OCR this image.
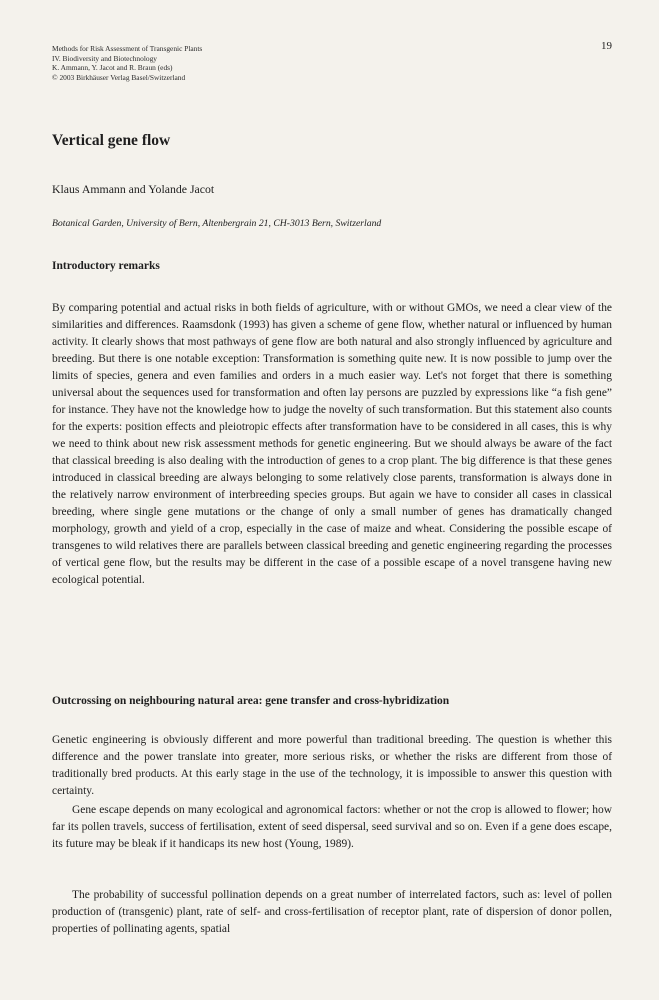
Methods for Risk Assessment of Transgenic Plants
IV. Biodiversity and Biotechnology
K. Ammann, Y. Jacot and R. Braun (eds)
© 2003 Birkhäuser Verlag Basel/Switzerland
19
Vertical gene flow
Klaus Ammann and Yolande Jacot
Botanical Garden, University of Bern, Altenbergrain 21, CH-3013 Bern, Switzerland
Introductory remarks

By comparing potential and actual risks in both fields of agriculture, with or without GMOs, we need a clear view of the similarities and differences. Raamsdonk (1993) has given a scheme of gene flow, whether natural or influenced by human activity. It clearly shows that most pathways of gene flow are both natural and also strongly influenced by agriculture and breeding. But there is one notable exception: Transformation is something quite new. It is now possible to jump over the limits of species, genera and even families and orders in a much easier way. Let's not forget that there is something universal about the sequences used for transformation and often lay persons are puzzled by expressions like “a fish gene” for instance. They have not the knowledge how to judge the novelty of such transformation. But this statement also counts for the experts: position effects and pleiotropic effects after transformation have to be considered in all cases, this is why we need to think about new risk assessment methods for genetic engineering. But we should always be aware of the fact that classical breeding is also dealing with the introduction of genes to a crop plant. The big difference is that these genes introduced in classical breeding are always belonging to some relatively close parents, transformation is always done in the relatively narrow environment of interbreeding species groups. But again we have to consider all cases in classical breeding, where single gene mutations or the change of only a small number of genes has dramatically changed morphology, growth and yield of a crop, especially in the case of maize and wheat. Considering the possible escape of transgenes to wild relatives there are parallels between classical breeding and genetic engineering regarding the processes of vertical gene flow, but the results may be different in the case of a possible escape of a novel transgene having new ecological potential.

Outcrossing on neighbouring natural area: gene transfer and cross-hybridization

Genetic engineering is obviously different and more powerful than traditional breeding. The question is whether this difference and the power translate into greater, more serious risks, or whether the risks are different from those of traditionally bred products. At this early stage in the use of the technology, it is impossible to answer this question with certainty.

Gene escape depends on many ecological and agronomical factors: whether or not the crop is allowed to flower; how far its pollen travels, success of fertilisation, extent of seed dispersal, seed survival and so on. Even if a gene does escape, its future may be bleak if it handicaps its new host (Young, 1989).

The probability of successful pollination depends on a great number of interrelated factors, such as: level of pollen production of (transgenic) plant, rate of self- and cross-fertilisation of receptor plant, rate of dispersion of donor pollen, properties of pollinating agents, spatial
